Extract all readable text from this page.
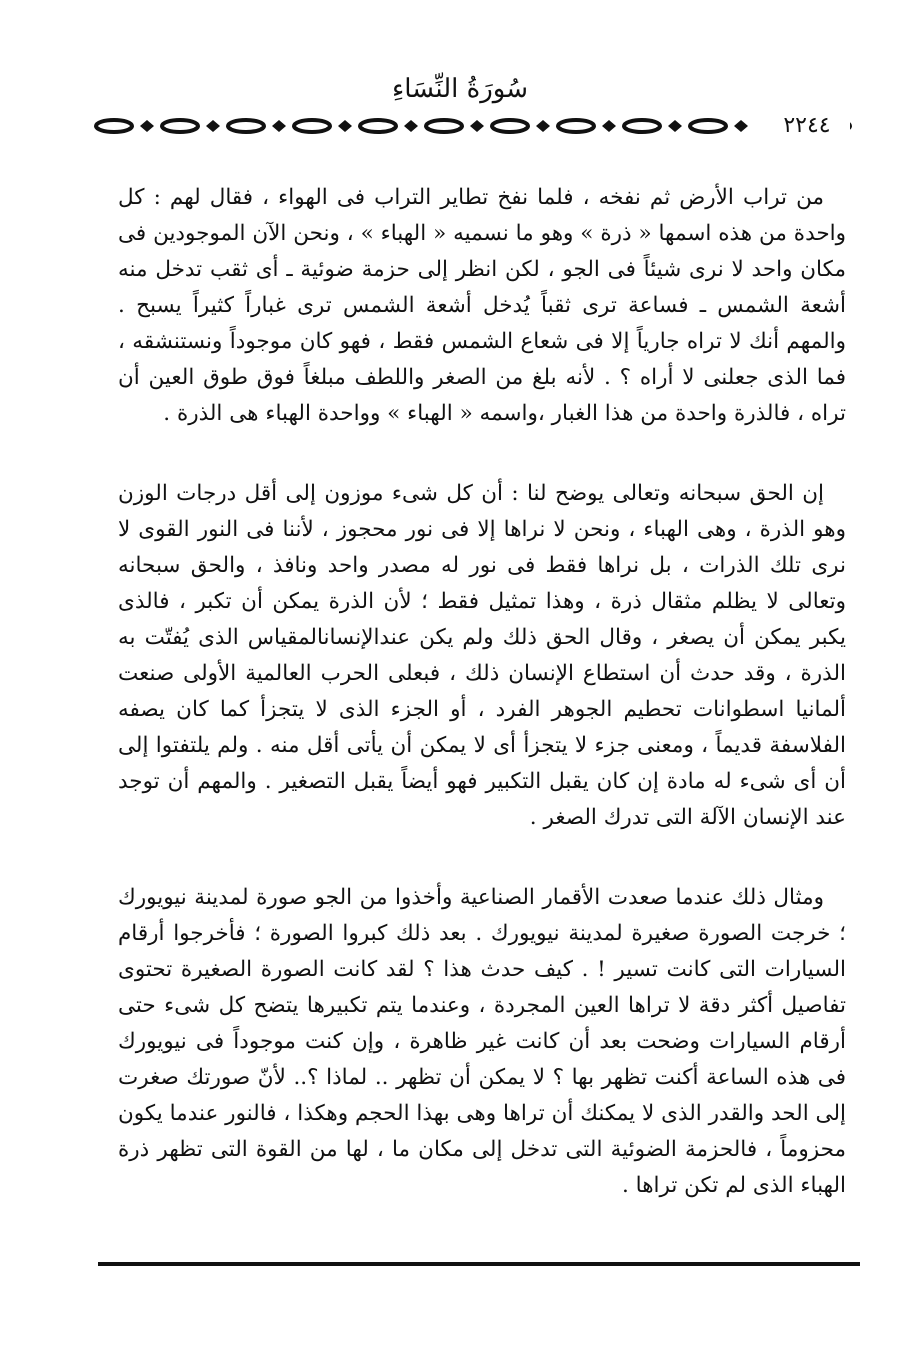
سُورَةُ النِّسَاءِ
٢٢٤٤

من تراب الأرض ثم نفخه ، فلما نفخ تطاير التراب فى الهواء ، فقال لهم : كل واحدة من هذه اسمها « ذرة » وهو ما نسميه « الهباء » ، ونحن الآن الموجودين فى مكان واحد لا نرى شيئاً فى الجو ، لكن انظر إلى حزمة ضوئية ـ أى ثقب تدخل منه أشعة الشمس ـ فساعة ترى ثقباً يُدخل أشعة الشمس ترى غباراً كثيراً يسبح . والمهم أنك لا تراه جارياً إلا فى شعاع الشمس فقط ، فهو كان موجوداً ونستنشقه ، فما الذى جعلنى لا أراه ؟ . لأنه بلغ من الصغر واللطف مبلغاً فوق طوق العين أن تراه ، فالذرة واحدة من هذا الغبار ،واسمه « الهباء » وواحدة الهباء هى الذرة .

إن الحق سبحانه وتعالى يوضح لنا : أن كل شىء موزون إلى أقل درجات الوزن وهو الذرة ، وهى الهباء ، ونحن لا نراها إلا فى نور محجوز ، لأننا فى النور القوى لا نرى تلك الذرات ، بل نراها فقط فى نور له مصدر واحد ونافذ ، والحق سبحانه وتعالى لا يظلم مثقال ذرة ، وهذا تمثيل فقط ؛ لأن الذرة يمكن أن تكبر ، فالذى يكبر يمكن أن يصغر ، وقال الحق ذلك ولم يكن عندالإنسانالمقياس الذى يُفتّت به الذرة ، وقد حدث أن استطاع الإنسان ذلك ، فبعلى الحرب العالمية الأولى صنعت ألمانيا اسطوانات تحطيم الجوهر الفرد ، أو الجزء الذى لا يتجزأ كما كان يصفه الفلاسفة قديماً ، ومعنى جزء لا يتجزأ أى لا يمكن أن يأتى أقل منه . ولم يلتفتوا إلى أن أى شىء له مادة إن كان يقبل التكبير فهو أيضاً يقبل التصغير . والمهم أن توجد عند الإنسان الآلة التى تدرك الصغر .

ومثال ذلك عندما صعدت الأقمار الصناعية وأخذوا من الجو صورة لمدينة نيويورك ؛ خرجت الصورة صغيرة لمدينة نيويورك . بعد ذلك كبروا الصورة ؛ فأخرجوا أرقام السيارات التى كانت تسير ! . كيف حدث هذا ؟ لقد كانت الصورة الصغيرة تحتوى تفاصيل أكثر دقة لا تراها العين المجردة ، وعندما يتم تكبيرها يتضح كل شىء حتى أرقام السيارات وضحت بعد أن كانت غير ظاهرة ، وإن كنت موجوداً فى نيويورك فى هذه الساعة أكنت تظهر بها ؟ لا يمكن أن تظهر .. لماذا ؟.. لأنّ صورتك صغرت إلى الحد والقدر الذى لا يمكنك أن تراها وهى بهذا الحجم وهكذا ، فالنور عندما يكون محزوماً ، فالحزمة الضوئية التى تدخل إلى مكان ما ، لها من القوة التى تظهر ذرة الهباء الذى لم تكن تراها .
